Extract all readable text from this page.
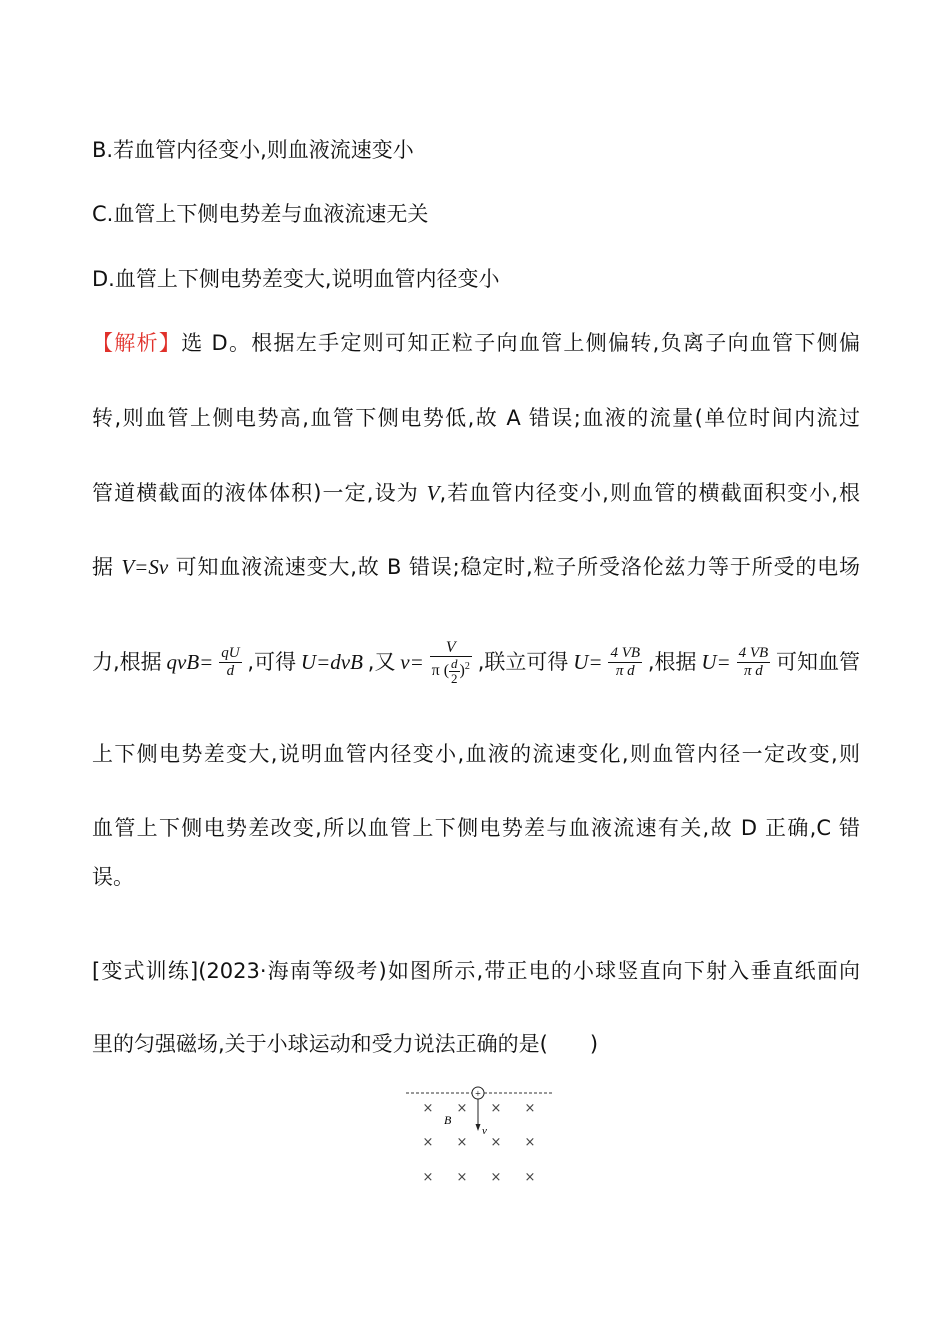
B.若血管内径变小,则血液流速变小
C.血管上下侧电势差与血液流速无关
D.血管上下侧电势差变大,说明血管内径变小
【解析】选 D。根据左手定则可知正粒子向血管上侧偏转,负离子向血管下侧偏
转,则血管上侧电势高,血管下侧电势低,故 A 错误;血液的流量(单位时间内流过
管道横截面的液体体积)一定,设为 V,若血管内径变小,则血管的横截面积变小,根
据 V=Sv 可知血液流速变大,故 B 错误;稳定时,粒子所受洛伦兹力等于所受的电场
力,根据 $qvB= \frac{qU}{d}$ ,可得 U=dvB ,又 $v= \frac{V}{\pi ( \frac{d}{2} )^2}$ ,联立可得 $U= \frac{4 VB}{\text{π d}}$ ,根据 $U= \frac{4 VB}{\text{π d}}$ 可知血管
上下侧电势差变大,说明血管内径变小,血液的流速变化,则血管内径一定改变,则
血管上下侧电势差改变,所以血管上下侧电势差与血液流速有关,故 D 正确,C 错
误。
[变式训练](2023·海南等级考)如图所示,带正电的小球竖直向下射入垂直纸面向
里的匀强磁场,关于小球运动和受力说法正确的是(　　)
+
v
B
× × × ×
× × × ×
× × × ×
